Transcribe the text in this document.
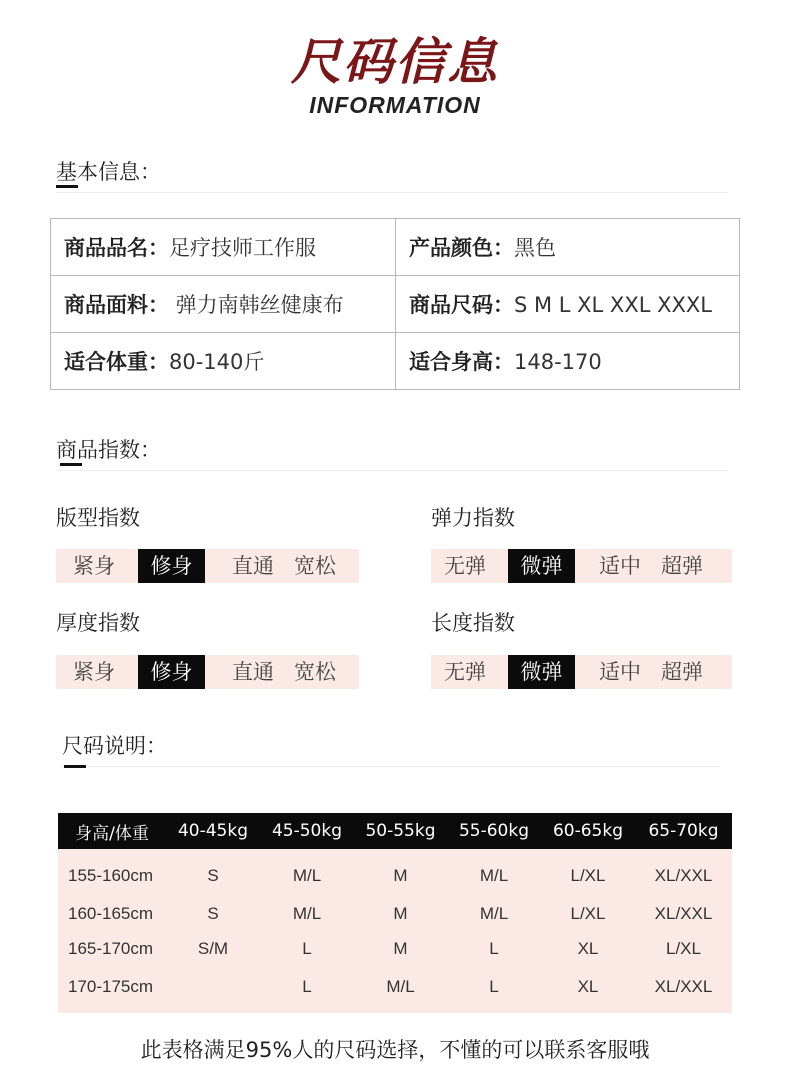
尺码信息
INFORMATION
基本信息：
商品品名：足疗技师工作服	产品颜色：黑色
商品面料： 弹力南韩丝健康布	商品尺码：S M L XL XXL XXXL
适合体重：80-140斤	适合身高：148-170
商品指数：
版型指数
紧身	修身	直通 宽松
弹力指数
无弹	微弹	适中 超弹
厚度指数
紧身	修身	直通 宽松
长度指数
无弹	微弹	适中 超弹
尺码说明：
身高/体重	40-45kg	45-50kg	50-55kg	55-60kg	60-65kg	65-70kg
155-160cm	S	M/L	M	M/L	L/XL	XL/XXL
160-165cm	S	M/L	M	M/L	L/XL	XL/XXL
165-170cm	S/M	L	M	L	XL	L/XL
170-175cm		L	M/L	L	XL	XL/XXL
此表格满足95%人的尺码选择，不懂的可以联系客服哦
